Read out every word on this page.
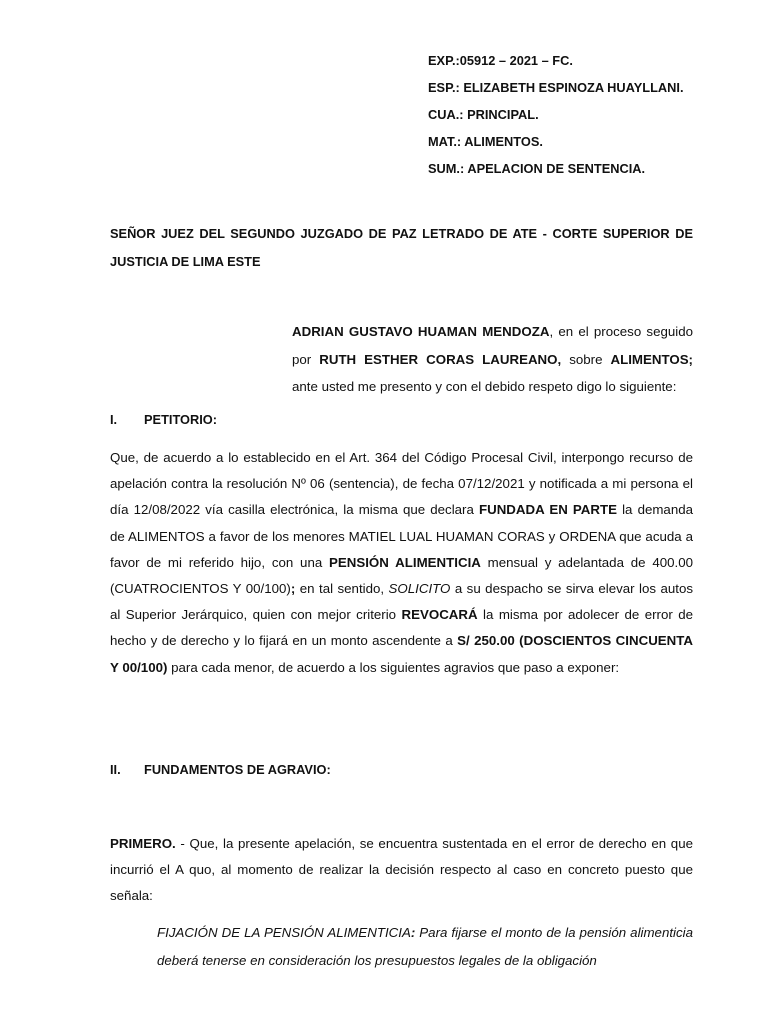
EXP.:05912 – 2021 – FC.
ESP.: ELIZABETH ESPINOZA HUAYLLANI.
CUA.: PRINCIPAL.
MAT.: ALIMENTOS.
SUM.: APELACION DE SENTENCIA.
SEÑOR JUEZ DEL SEGUNDO JUZGADO DE PAZ LETRADO DE ATE - CORTE SUPERIOR DE JUSTICIA DE LIMA ESTE
ADRIAN GUSTAVO HUAMAN MENDOZA, en el proceso seguido por RUTH ESTHER CORAS LAUREANO, sobre ALIMENTOS; ante usted me presento y con el debido respeto digo lo siguiente:
I. PETITORIO:
Que, de acuerdo a lo establecido en el Art. 364 del Código Procesal Civil, interpongo recurso de apelación contra la resolución Nº 06 (sentencia), de fecha 07/12/2021 y notificada a mi persona el día 12/08/2022 vía casilla electrónica, la misma que declara FUNDADA EN PARTE la demanda de ALIMENTOS a favor de los menores MATIEL LUAL HUAMAN CORAS y ORDENA que acuda a favor de mi referido hijo, con una PENSIÓN ALIMENTICIA mensual y adelantada de 400.00 (CUATROCIENTOS Y 00/100); en tal sentido, SOLICITO a su despacho se sirva elevar los autos al Superior Jerárquico, quien con mejor criterio REVOCARÁ la misma por adolecer de error de hecho y de derecho y lo fijará en un monto ascendente a S/ 250.00 (DOSCIENTOS CINCUENTA Y 00/100) para cada menor, de acuerdo a los siguientes agravios que paso a exponer:
II. FUNDAMENTOS DE AGRAVIO:
PRIMERO. - Que, la presente apelación, se encuentra sustentada en el error de derecho en que incurrió el A quo, al momento de realizar la decisión respecto al caso en concreto puesto que señala:
FIJACIÓN DE LA PENSIÓN ALIMENTICIA: Para fijarse el monto de la pensión alimenticia deberá tenerse en consideración los presupuestos legales de la obligación
